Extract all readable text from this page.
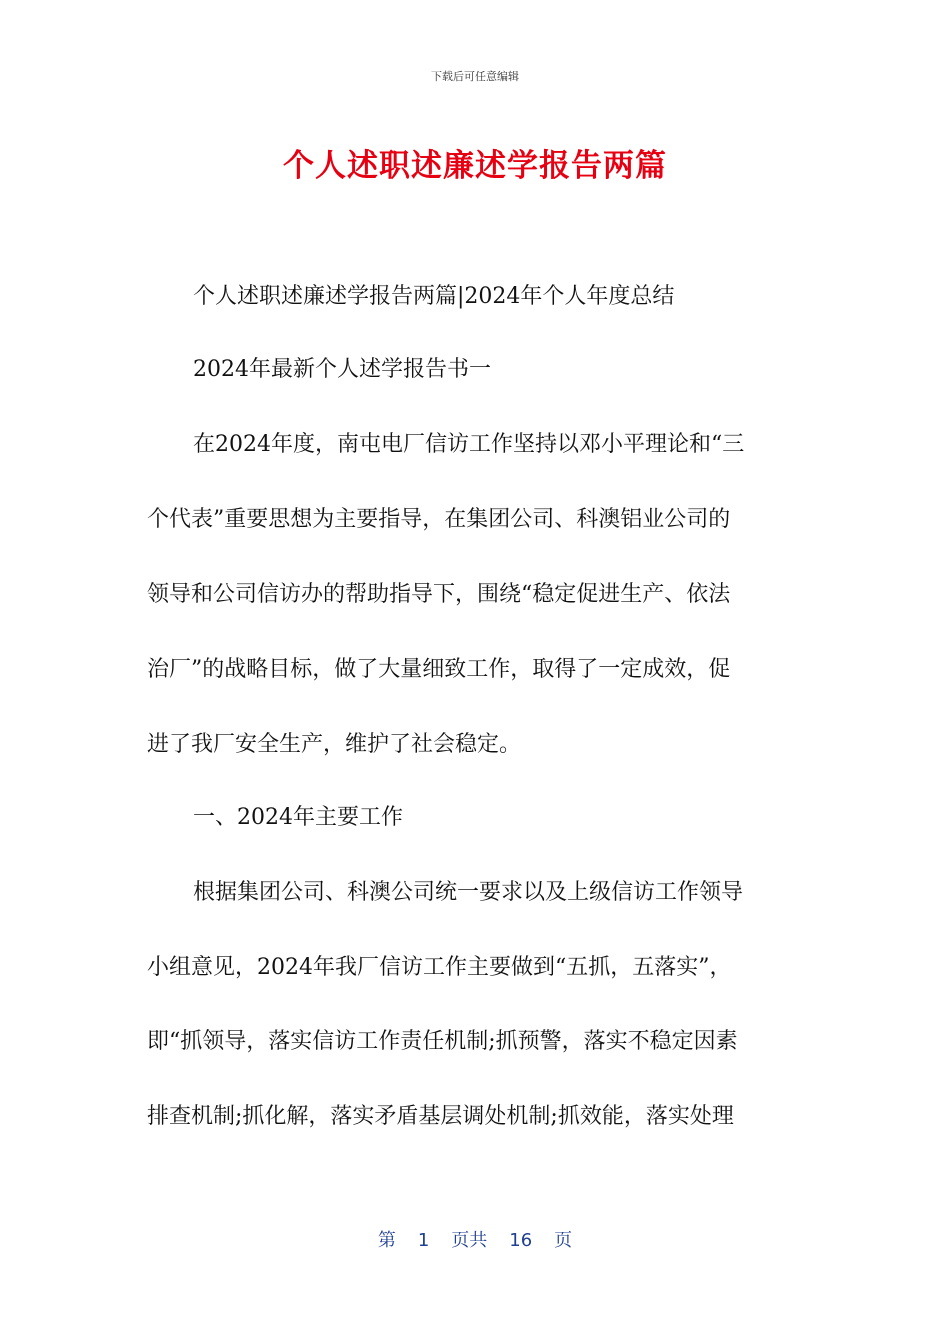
下载后可任意编辑
个人述职述廉述学报告两篇
个人述职述廉述学报告两篇|2024年个人年度总结
2024年最新个人述学报告书一
在2024年度，南屯电厂信访工作坚持以邓小平理论和“三
个代表”重要思想为主要指导，在集团公司、科澳铝业公司的
领导和公司信访办的帮助指导下，围绕“稳定促进生产、依法
治厂”的战略目标，做了大量细致工作，取得了一定成效，促
进了我厂安全生产，维护了社会稳定。
一、2024年主要工作
根据集团公司、科澳公司统一要求以及上级信访工作领导
小组意见，2024年我厂信访工作主要做到“五抓，五落实”，
即“抓领导，落实信访工作责任机制;抓预警，落实不稳定因素
排查机制;抓化解，落实矛盾基层调处机制;抓效能，落实处理
第 1 页共 16 页
